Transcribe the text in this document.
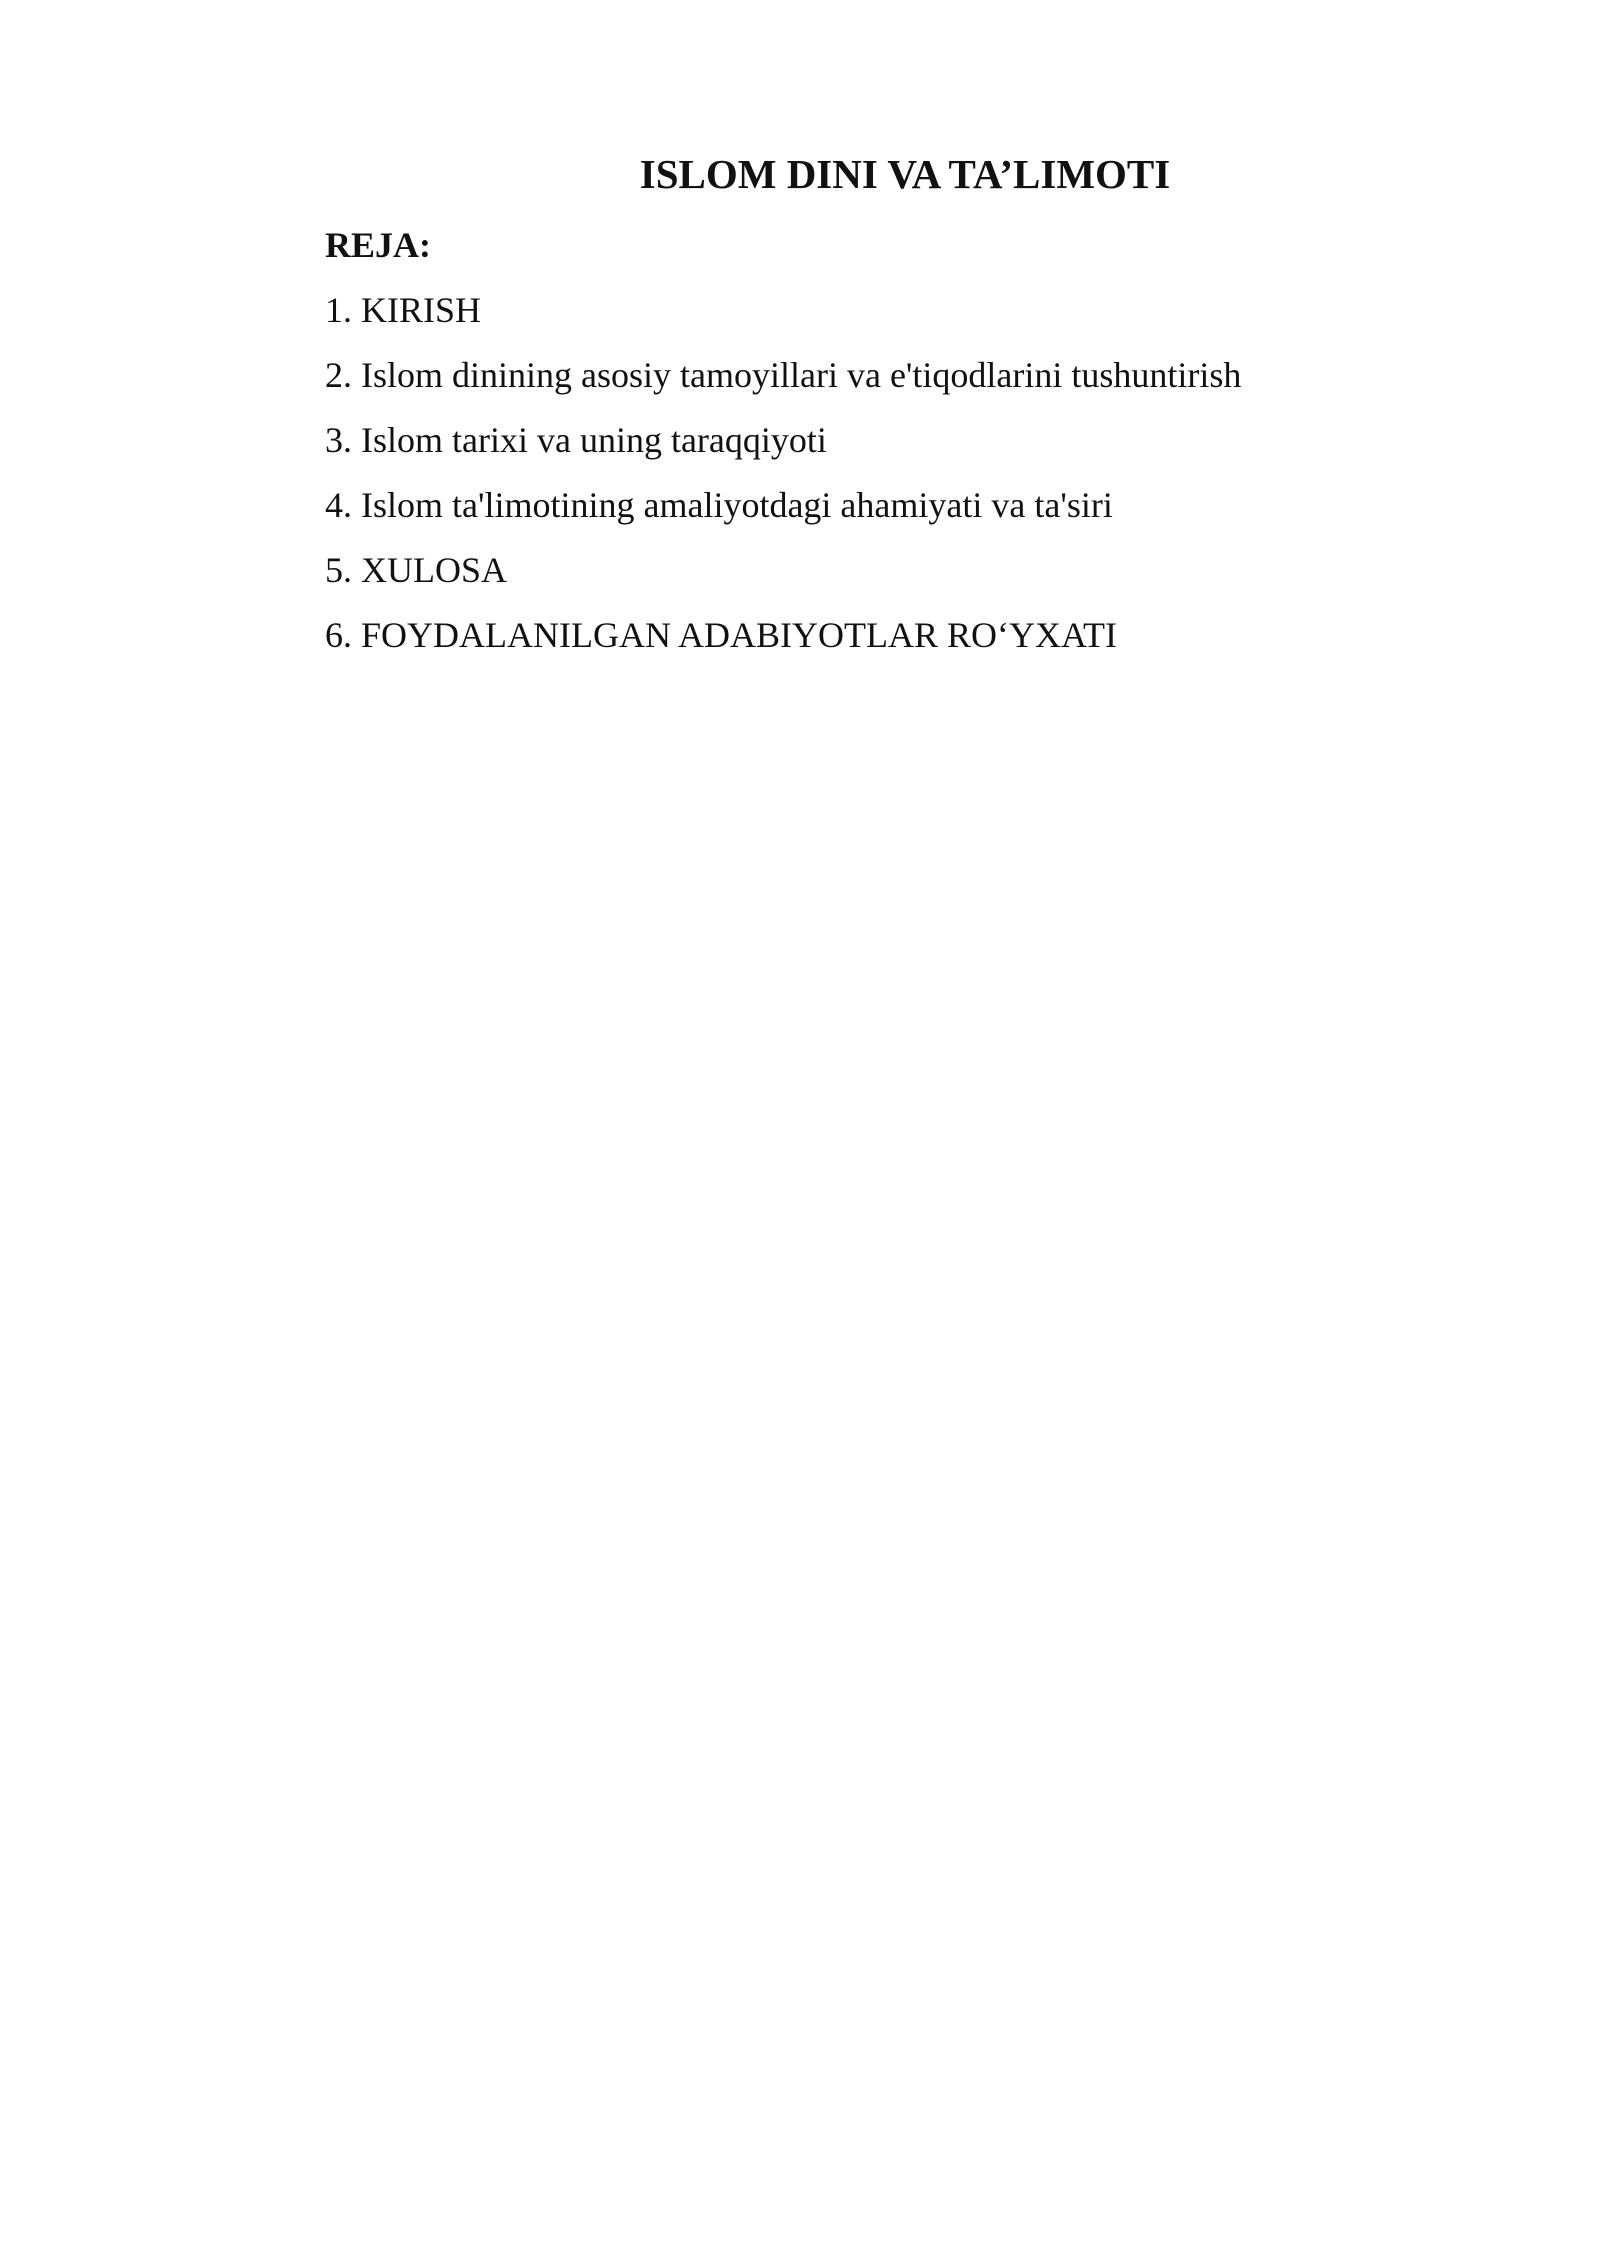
ISLOM DINI VA TA’LIMOTI
REJA:
1. KIRISH
2. Islom dinining asosiy tamoyillari va e'tiqodlarini tushuntirish
3. Islom tarixi va uning taraqqiyoti
4. Islom ta'limotining amaliyotdagi ahamiyati va ta'siri
5. XULOSA
6. FOYDALANILGAN ADABIYOTLAR RO‘YXATI
